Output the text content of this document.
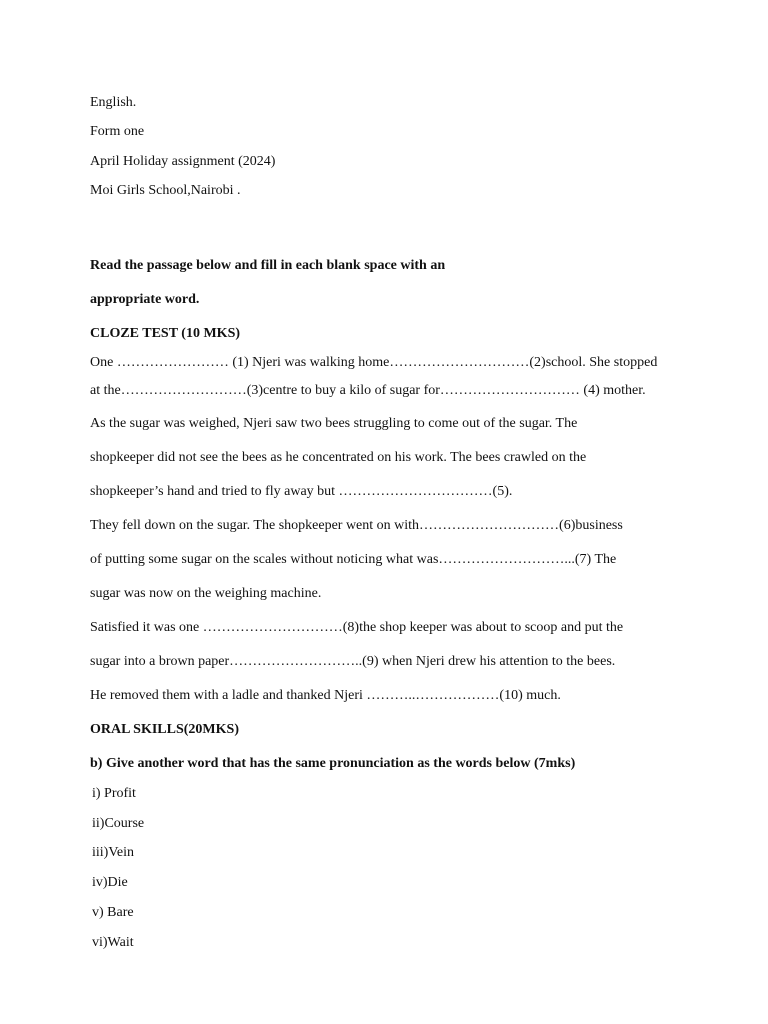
English.

Form one

April Holiday assignment (2024)

Moi Girls School,Nairobi .

Read the passage below and fill in each blank space with an

appropriate word.

CLOZE TEST (10 MKS)

One …………………… (1) Njeri was walking home…………………………(2)school. She stopped

at the………………………(3)centre to buy a kilo of sugar for………………………… (4) mother.

As the sugar was weighed, Njeri saw two bees struggling to come out of the sugar. The

shopkeeper did not see the bees as he concentrated on his work. The bees crawled on the

shopkeeper’s hand and tried to fly away but ……………………………(5).

They fell down on the sugar. The shopkeeper went on with…………………………(6)business

of putting some sugar on the scales without noticing what was………………………...(7) The

sugar was now on the weighing machine.

Satisfied it was one …………………………(8)the shop keeper was about to scoop and put the

sugar into a brown paper………………………..(9) when Njeri drew his attention to the bees.

He removed them with a ladle and thanked Njeri ………..………………(10) much.

ORAL SKILLS(20MKS)

b) Give another word that has the same pronunciation as the words below (7mks)

i) Profit

ii)Course

iii)Vein

iv)Die

v) Bare

vi)Wait
